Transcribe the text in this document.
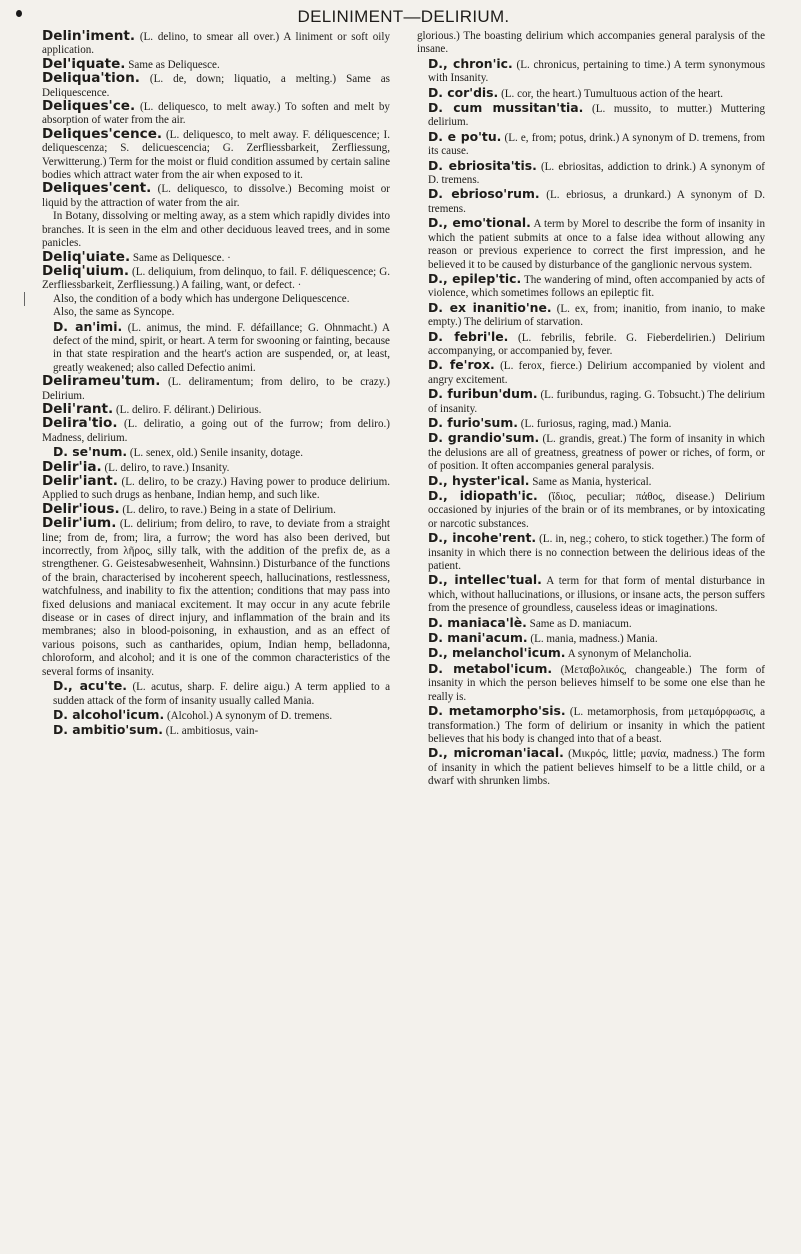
DELINIMENT—DELIRIUM.

Delin'iment. (L. delino, to smear all over.) A liniment or soft oily application.

Del'iquate. Same as Deliquesce.

Deliqua'tion. (L. de, down; liquatio, a melting.) Same as Deliquescence.

Deliques'ce. (L. deliquesco, to melt away.) To soften and melt by absorption of water from the air.

Deliques'cence. (L. deliquesco, to melt away. F. déliquescence; I. deliquescenza; S. delicuescencia; G. Zerfliessbarkeit, Zerfliessung, Verwitterung.) Term for the moist or fluid condition assumed by certain saline bodies which attract water from the air when exposed to it.

Deliques'cent. (L. deliquesco, to dissolve.) Becoming moist or liquid by the attraction of water from the air.

In Botany, dissolving or melting away, as a stem which rapidly divides into branches. It is seen in the elm and other deciduous leaved trees, and in some panicles.

Deliq'uiate. Same as Deliquesce. ·

Deliq'uium. (L. deliquium, from delinquo, to fail. F. déliquescence; G. Zerfliessbarkeit, Zerfliessung.) A failing, want, or defect. ·

Also, the condition of a body which has undergone Deliquescence.

Also, the same as Syncope.

D. an'imi. (L. animus, the mind. F. défaillance; G. Ohnmacht.) A defect of the mind, spirit, or heart. A term for swooning or fainting, because in that state respiration and the heart's action are suspended, or, at least, greatly weakened; also called Defectio animi.

Delirameu'tum. (L. deliramentum; from deliro, to be crazy.) Delirium.

Deli'rant. (L. deliro. F. délirant.) Delirious.

Delira'tio. (L. deliratio, a going out of the furrow; from deliro.) Madness, delirium.

D. se'num. (L. senex, old.) Senile insanity, dotage.

Delir'ia. (L. deliro, to rave.) Insanity.

Delir'iant. (L. deliro, to be crazy.) Having power to produce delirium. Applied to such drugs as henbane, Indian hemp, and such like.

Delir'ious. (L. deliro, to rave.) Being in a state of Delirium.

Delir'ium. (L. delirium; from deliro, to rave, to deviate from a straight line; from de, from; lira, a furrow; the word has also been derived, but incorrectly, from λῆρος, silly talk, with the addition of the prefix de, as a strengthener. G. Geistesabwesenheit, Wahnsinn.) Disturbance of the functions of the brain, characterised by incoherent speech, hallucinations, restlessness, watchfulness, and inability to fix the attention; conditions that may pass into fixed delusions and maniacal excitement. It may occur in any acute febrile disease or in cases of direct injury, and inflammation of the brain and its membranes; also in blood-poisoning, in exhaustion, and as an effect of various poisons, such as cantharides, opium, Indian hemp, belladonna, chloroform, and alcohol; and it is one of the common characteristics of the several forms of insanity.

D., acu'te. (L. acutus, sharp. F. delire aigu.) A term applied to a sudden attack of the form of insanity usually called Mania.

D. alcohol'icum. (Alcohol.) A synonym of D. tremens.

D. ambitio'sum. (L. ambitiosus, vain-

glorious.) The boasting delirium which accompanies general paralysis of the insane.

D., chron'ic. (L. chronicus, pertaining to time.) A term synonymous with Insanity.

D. cor'dis. (L. cor, the heart.) Tumultuous action of the heart.

D. cum mussitan'tia. (L. mussito, to mutter.) Muttering delirium.

D. e po'tu. (L. e, from; potus, drink.) A synonym of D. tremens, from its cause.

D. ebriosita'tis. (L. ebriositas, addiction to drink.) A synonym of D. tremens.

D. ebrioso'rum. (L. ebriosus, a drunkard.) A synonym of D. tremens.

D., emo'tional. A term by Morel to describe the form of insanity in which the patient submits at once to a false idea without allowing any reason or previous experience to correct the first impression, and he believed it to be caused by disturbance of the ganglionic nervous system.

D., epilep'tic. The wandering of mind, often accompanied by acts of violence, which sometimes follows an epileptic fit.

D. ex inanitio'ne. (L. ex, from; inanitio, from inanio, to make empty.) The delirium of starvation.

D. febri'le. (L. febrilis, febrile. G. Fieberdelirien.) Delirium accompanying, or accompanied by, fever.

D. fe'rox. (L. ferox, fierce.) Delirium accompanied by violent and angry excitement.

D. furibun'dum. (L. furibundus, raging. G. Tobsucht.) The delirium of insanity.

D. furio'sum. (L. furiosus, raging, mad.) Mania.

D. grandio'sum. (L. grandis, great.) The form of insanity in which the delusions are all of greatness, greatness of power or riches, of form, or of position. It often accompanies general paralysis.

D., hyster'ical. Same as Mania, hysterical.

D., idiopath'ic. (ἴδιος, peculiar; πάθος, disease.) Delirium occasioned by injuries of the brain or of its membranes, or by intoxicating or narcotic substances.

D., incohe'rent. (L. in, neg.; cohero, to stick together.) The form of insanity in which there is no connection between the delirious ideas of the patient.

D., intellec'tual. A term for that form of mental disturbance in which, without hallucinations, or illusions, or insane acts, the person suffers from the presence of groundless, causeless ideas or imaginations.

D. maniaca'lè. Same as D. maniacum.

D. mani'acum. (L. mania, madness.) Mania.

D., melanchol'icum. A synonym of Melancholia.

D. metabol'icum. (Μεταβολικός, changeable.) The form of insanity in which the person believes himself to be some one else than he really is.

D. metamorpho'sis. (L. metamorphosis, from μεταμόρφωσις, a transformation.) The form of delirium or insanity in which the patient believes that his body is changed into that of a beast.

D., microman'iacal. (Μικρός, little; μανία, madness.) The form of insanity in which the patient believes himself to be a little child, or a dwarf with shrunken limbs.
